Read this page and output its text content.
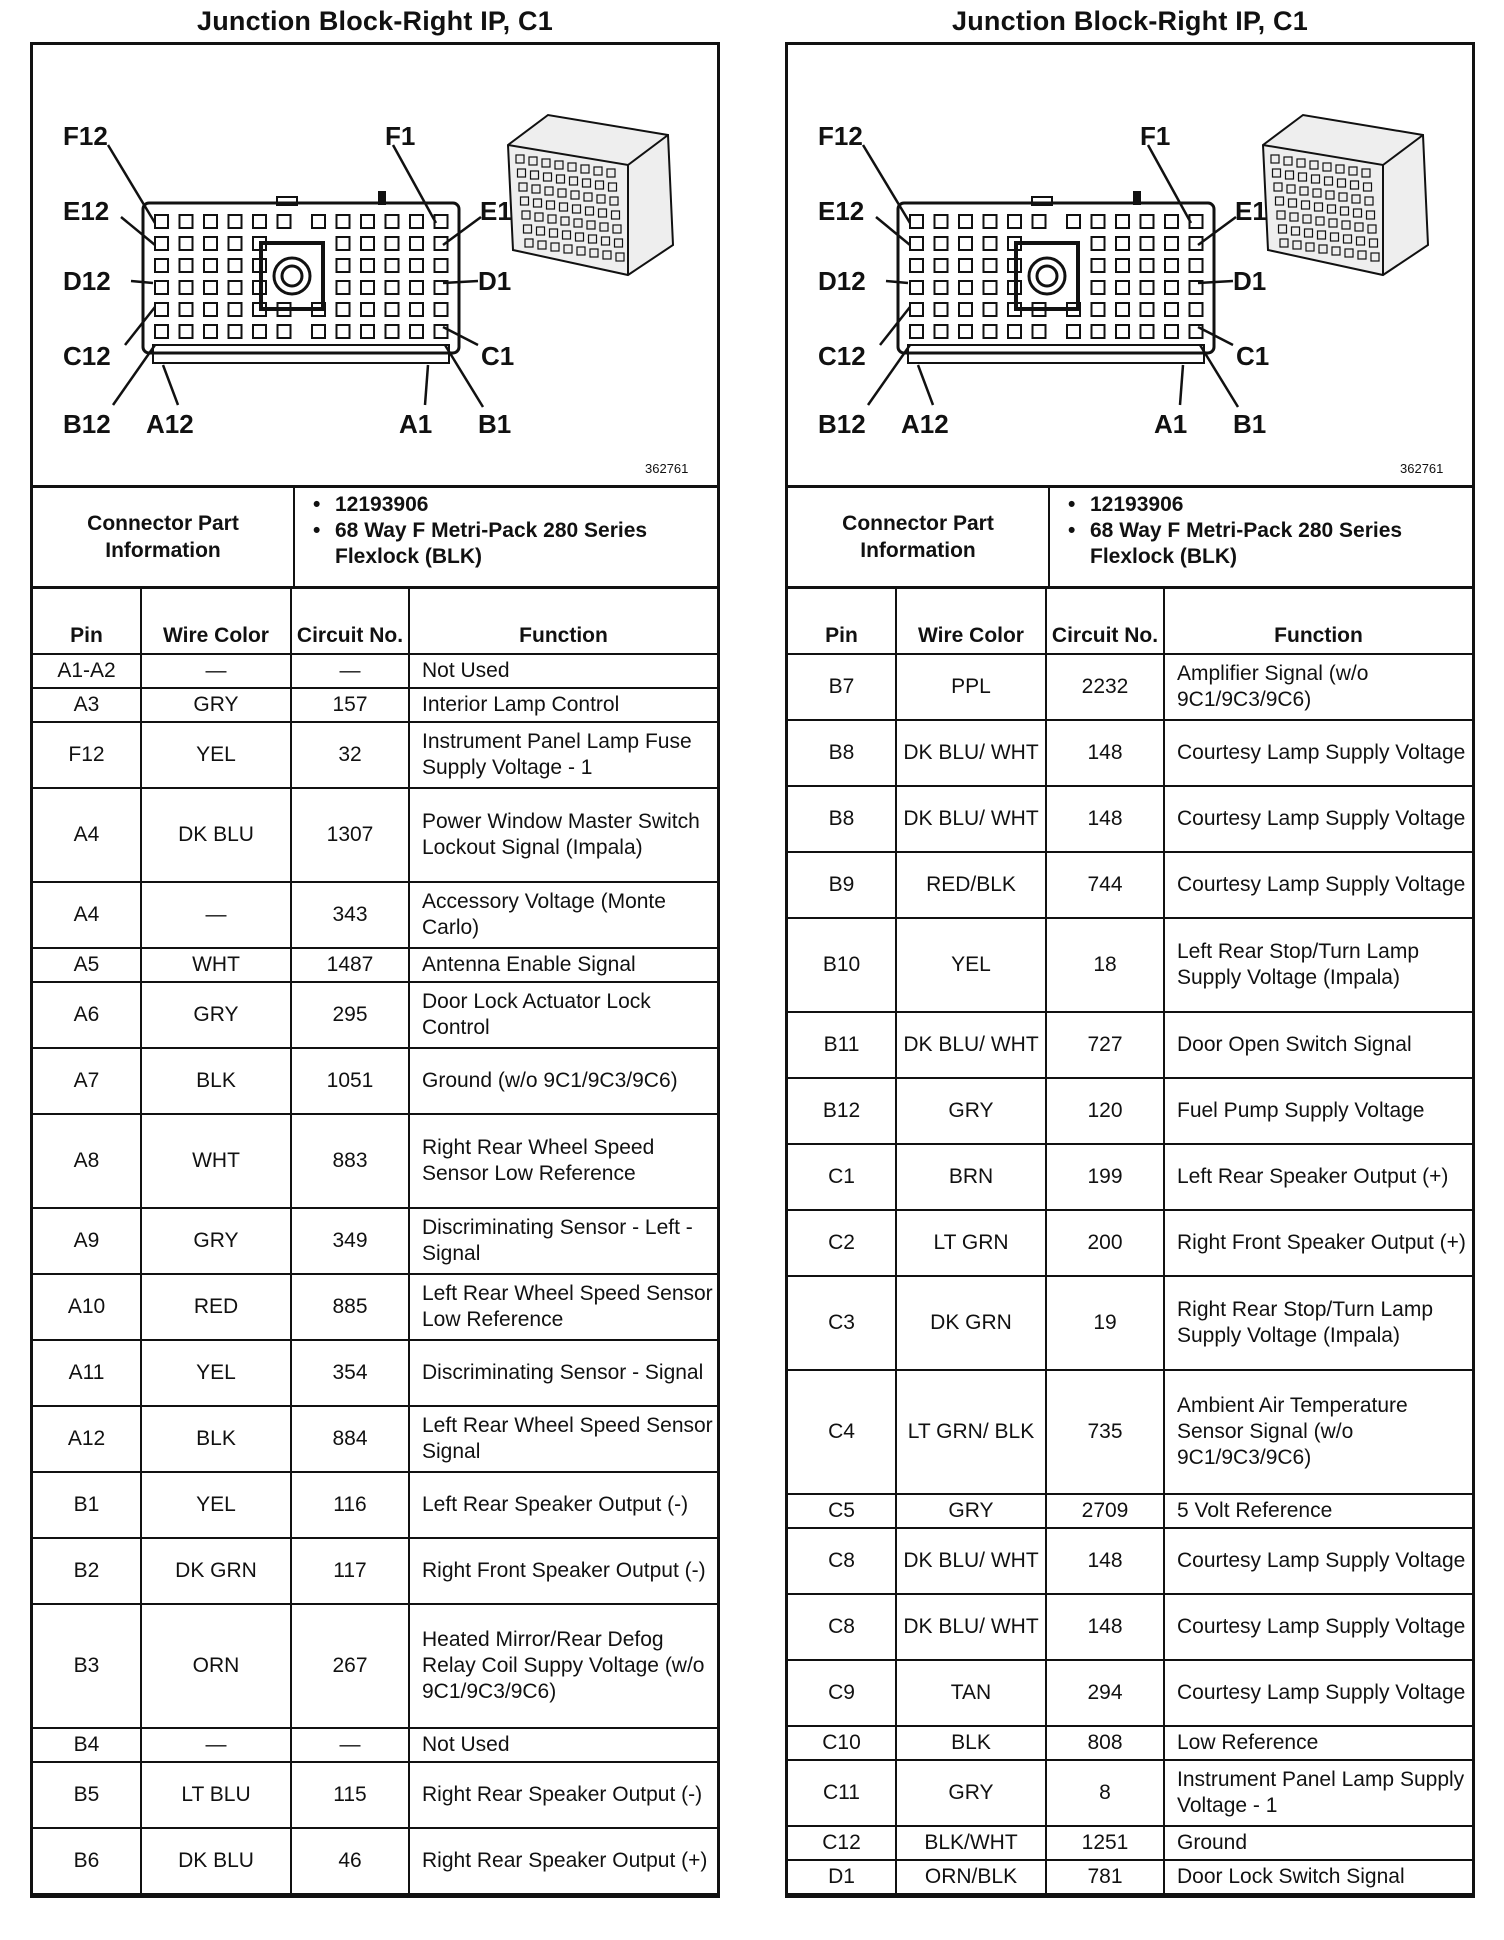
Junction Block-Right IP, C1
F12	F1
E12	E1
D12	D1
C12	C1
B12 A12	A1 B1
362761
Connector Part Information
• 12193906
• 68 Way F Metri-Pack 280 Series Flexlock (BLK)
Pin	Wire Color	Circuit No.	Function
A1-A2	—	—	Not Used
A3	GRY	157	Interior Lamp Control
F12	YEL	32	Instrument Panel Lamp Fuse Supply Voltage - 1
A4	DK BLU	1307	Power Window Master Switch Lockout Signal (Impala)
A4	—	343	Accessory Voltage (Monte Carlo)
A5	WHT	1487	Antenna Enable Signal
A6	GRY	295	Door Lock Actuator Lock Control
A7	BLK	1051	Ground (w/o 9C1/9C3/9C6)
A8	WHT	883	Right Rear Wheel Speed Sensor Low Reference
A9	GRY	349	Discriminating Sensor - Left - Signal
A10	RED	885	Left Rear Wheel Speed Sensor Low Reference
A11	YEL	354	Discriminating Sensor - Signal
A12	BLK	884	Left Rear Wheel Speed Sensor Signal
B1	YEL	116	Left Rear Speaker Output (-)
B2	DK GRN	117	Right Front Speaker Output (-)
B3	ORN	267	Heated Mirror/Rear Defog Relay Coil Suppy Voltage (w/o 9C1/9C3/9C6)
B4	—	—	Not Used
B5	LT BLU	115	Right Rear Speaker Output (-)
B6	DK BLU	46	Right Rear Speaker Output (+)
Junction Block-Right IP, C1
F12	F1
E12	E1
D12	D1
C12	C1
B12 A12	A1 B1
362761
Connector Part Information
• 12193906
• 68 Way F Metri-Pack 280 Series Flexlock (BLK)
Pin	Wire Color	Circuit No.	Function
B7	PPL	2232	Amplifier Signal (w/o 9C1/9C3/9C6)
B8	DK BLU/ WHT	148	Courtesy Lamp Supply Voltage
B8	DK BLU/ WHT	148	Courtesy Lamp Supply Voltage
B9	RED/BLK	744	Courtesy Lamp Supply Voltage
B10	YEL	18	Left Rear Stop/Turn Lamp Supply Voltage (Impala)
B11	DK BLU/ WHT	727	Door Open Switch Signal
B12	GRY	120	Fuel Pump Supply Voltage
C1	BRN	199	Left Rear Speaker Output (+)
C2	LT GRN	200	Right Front Speaker Output (+)
C3	DK GRN	19	Right Rear Stop/Turn Lamp Supply Voltage (Impala)
C4	LT GRN/ BLK	735	Ambient Air Temperature Sensor Signal (w/o 9C1/9C3/9C6)
C5	GRY	2709	5 Volt Reference
C8	DK BLU/ WHT	148	Courtesy Lamp Supply Voltage
C8	DK BLU/ WHT	148	Courtesy Lamp Supply Voltage
C9	TAN	294	Courtesy Lamp Supply Voltage
C10	BLK	808	Low Reference
C11	GRY	8	Instrument Panel Lamp Supply Voltage - 1
C12	BLK/WHT	1251	Ground
D1	ORN/BLK	781	Door Lock Switch Signal
